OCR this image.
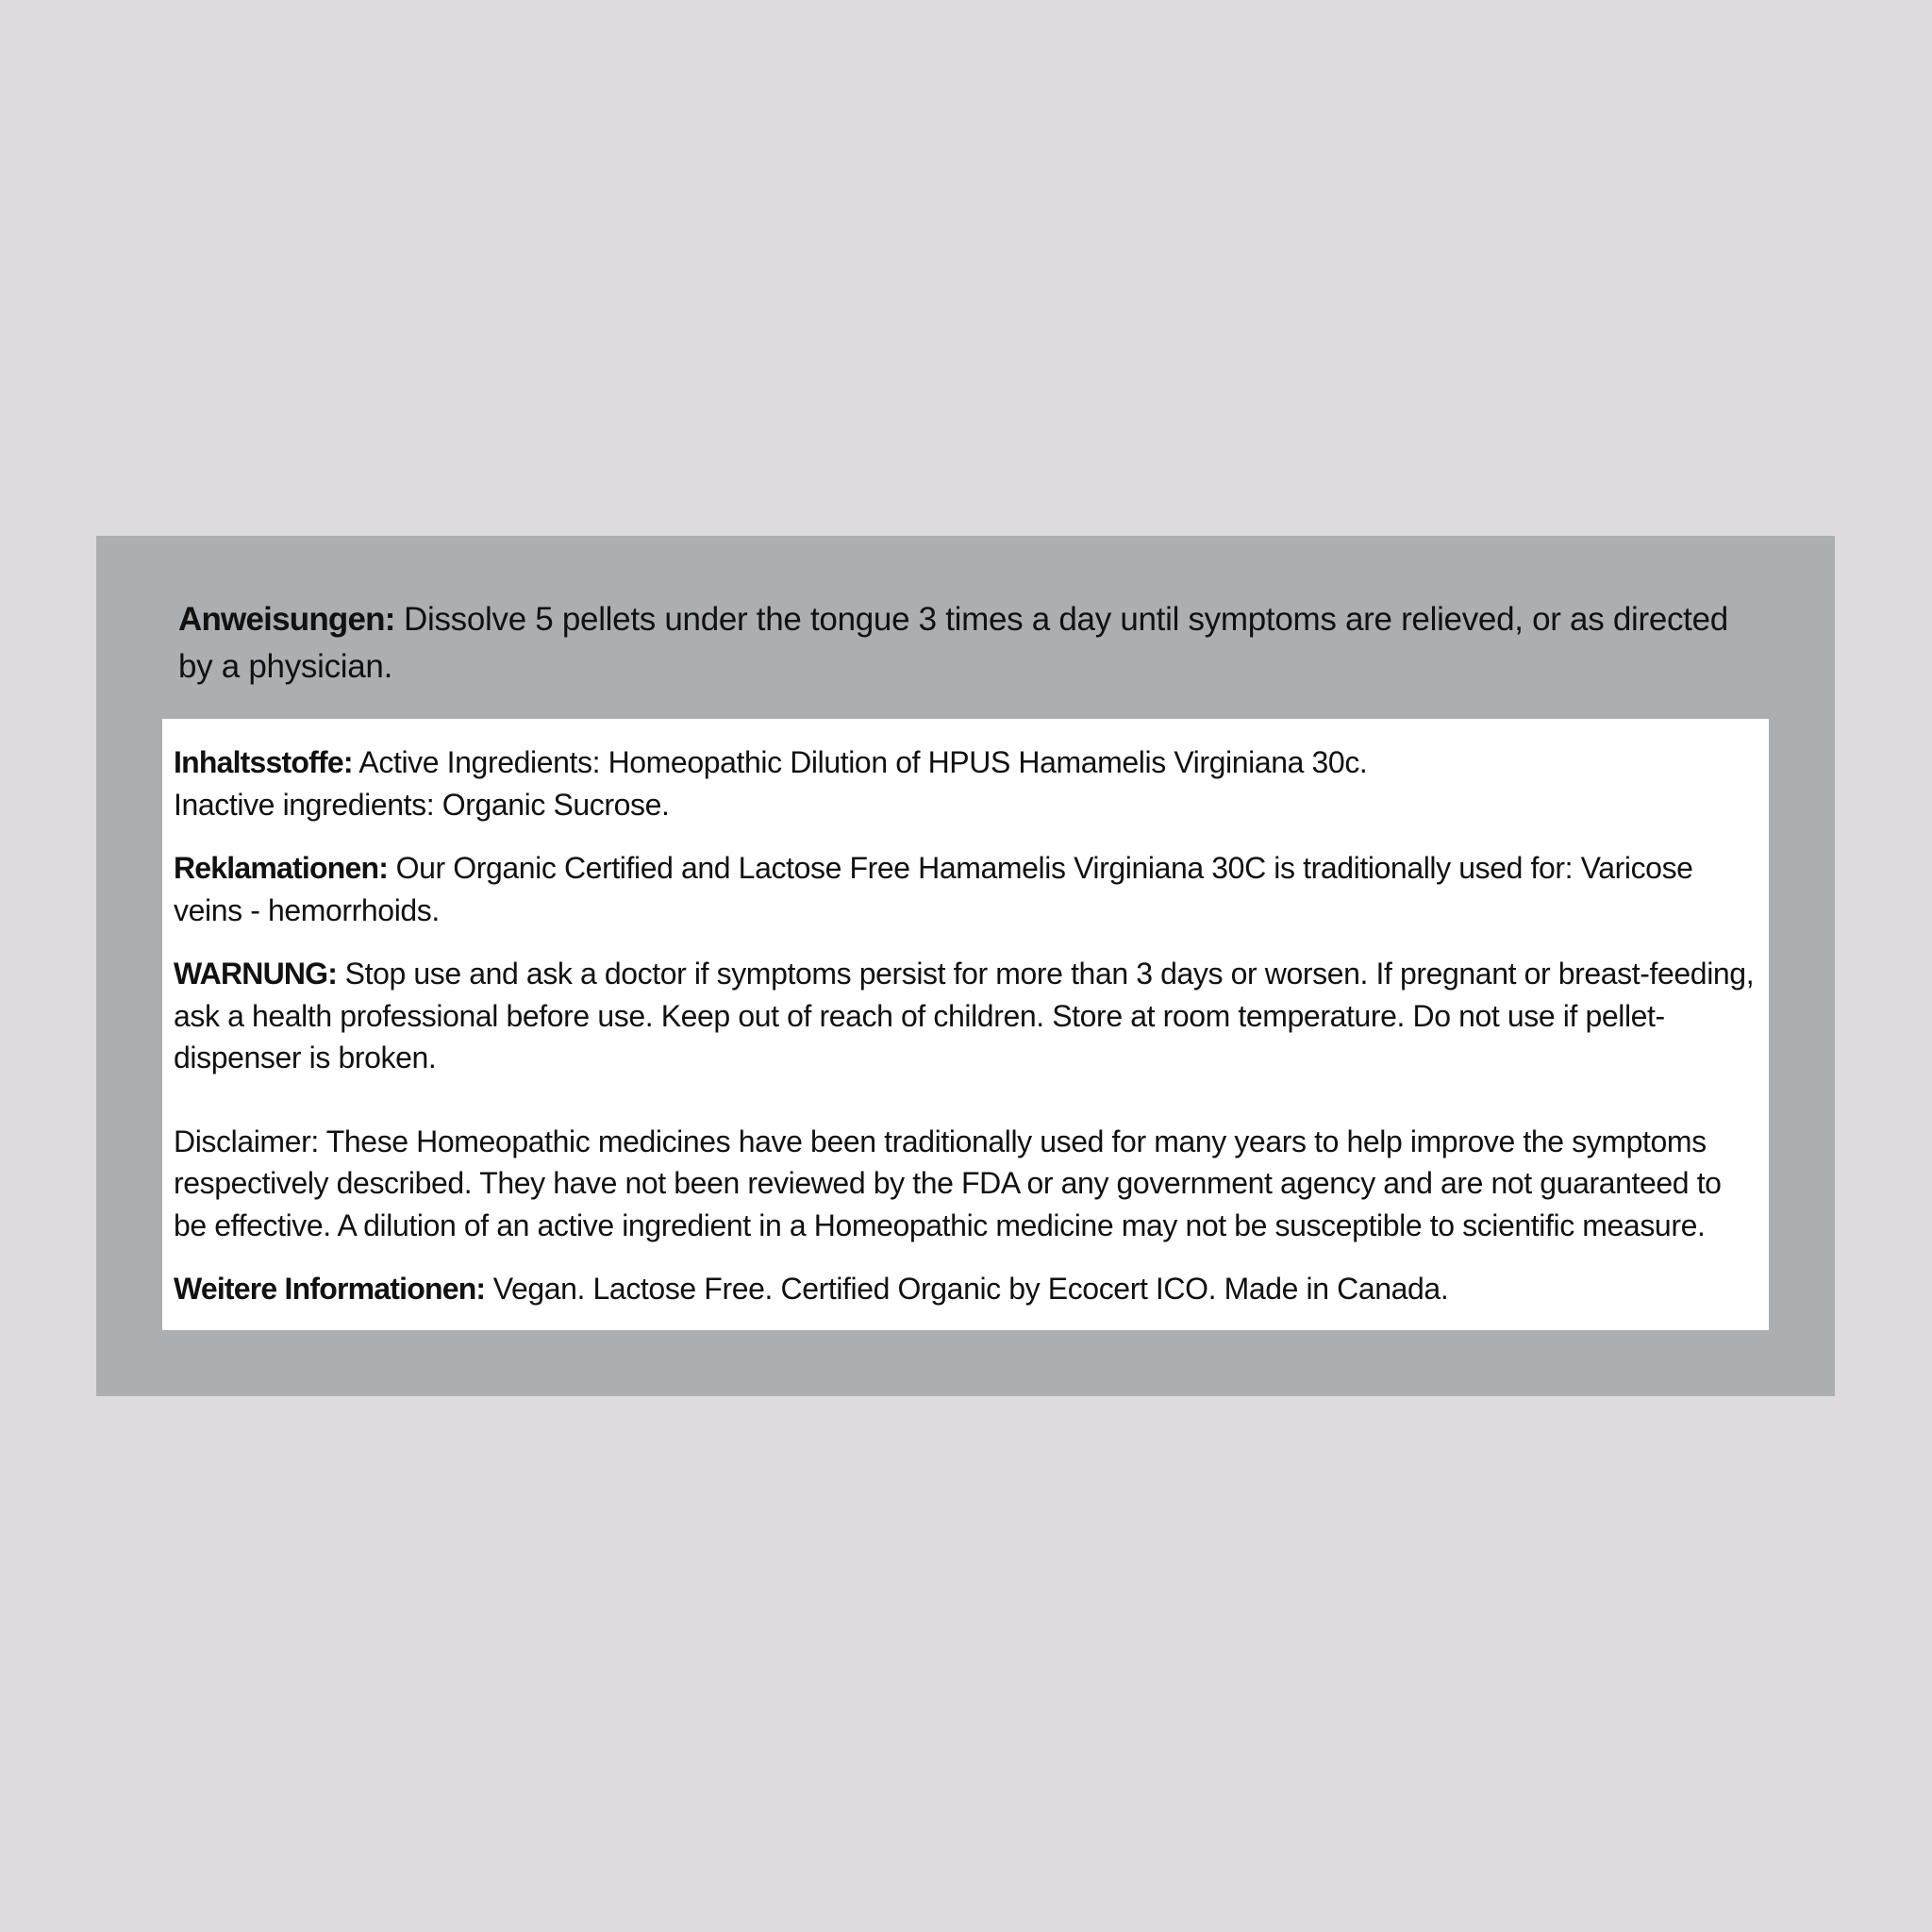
Anweisungen: Dissolve 5 pellets under the tongue 3 times a day until symptoms are relieved, or as directed by a physician.
Inhaltsstoffe: Active Ingredients: Homeopathic Dilution of HPUS Hamamelis Virginiana 30c.
Inactive ingredients: Organic Sucrose.
Reklamationen: Our Organic Certified and Lactose Free Hamamelis Virginiana 30C is traditionally used for: Varicose veins - hemorrhoids.
WARNUNG: Stop use and ask a doctor if symptoms persist for more than 3 days or worsen. If pregnant or breast-feeding, ask a health professional before use. Keep out of reach of children. Store at room temperature. Do not use if pellet-dispenser is broken.
Disclaimer: These Homeopathic medicines have been traditionally used for many years to help improve the symptoms respectively described. They have not been reviewed by the FDA or any government agency and are not guaranteed to be effective. A dilution of an active ingredient in a Homeopathic medicine may not be susceptible to scientific measure.
Weitere Informationen: Vegan. Lactose Free. Certified Organic by Ecocert ICO. Made in Canada.
